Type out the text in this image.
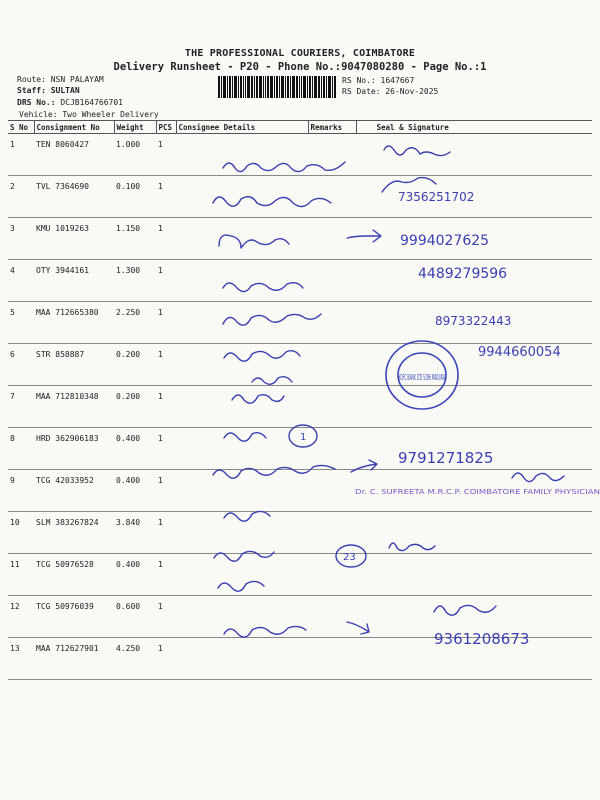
THE PROFESSIONAL COURIERS, COIMBATORE
Delivery Runsheet - P20 - Phone No.:9047080280 - Page No.:1
Route: NSN PALAYAM
Staff: SULTAN
DRS No.: DCJB164766701
Vehicle: Two Wheeler Delivery
RS No.: 1647667
RS Date: 26-Nov-2025
S No	Consignment No	Weight	PCS	Consignee Details	Remarks	Seal & Signature
1	TEN 8060427	1.000	1			
2	TVL 7364690	0.100	1			
3	KMU 1019263	1.150	1			
4	OTY 3944161	1.300	1			
5	MAA 712665380	2.250	1			
6	STR 858887	0.200	1			
7	MAA 712810348	0.200	1			
8	HRD 362906183	0.400	1			
9	TCG 42033952	0.400	1			
10	SLM 383267824	3.840	1			
11	TCG 50976528	0.400	1			
12	TCG 50976039	0.600	1			
13	MAA 712627901	4.250	1			
7356251702
9994027625
4489279596
8973322443
9944660054
9791271825
9361208673
1
23
HDFC BANK LTD 5286 MADURAI
Dr. C. SUFREETA M.R.C.P. COIMBATORE FAMILY PHYSICIAN
